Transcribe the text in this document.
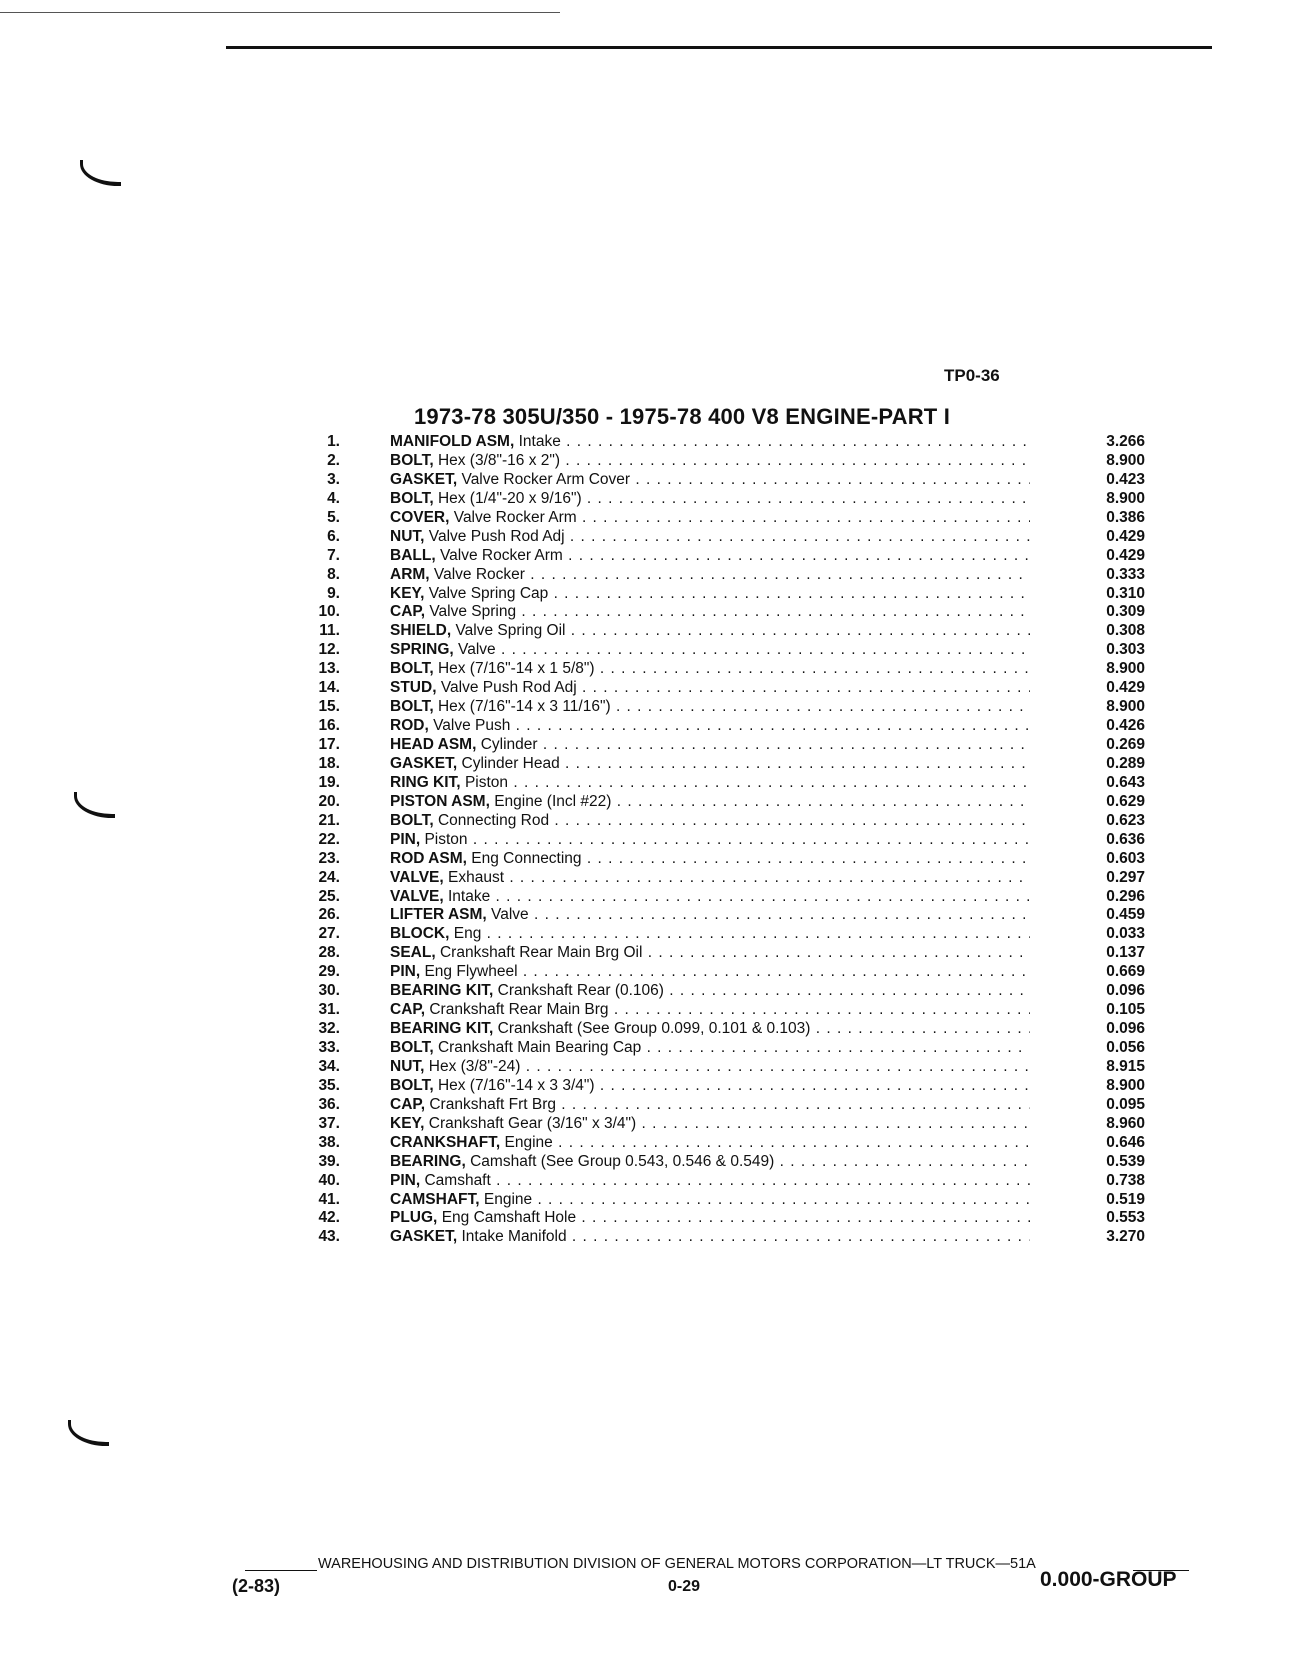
TP0-36
1973-78 305U/350 - 1975-78 400 V8 ENGINE-PART I
1.	MANIFOLD ASM, Intake . . .	3.266
2.	BOLT, Hex (3/8"-16 x 2") . . .	8.900
3.	GASKET, Valve Rocker Arm Cover . . .	0.423
4.	BOLT, Hex (1/4"-20 x 9/16") . . .	8.900
5.	COVER, Valve Rocker Arm . . .	0.386
6.	NUT, Valve Push Rod Adj . . .	0.429
7.	BALL, Valve Rocker Arm . . .	0.429
8.	ARM, Valve Rocker . . .	0.333
9.	KEY, Valve Spring Cap . . .	0.310
10.	CAP, Valve Spring . . .	0.309
11.	SHIELD, Valve Spring Oil . . .	0.308
12.	SPRING, Valve . . .	0.303
13.	BOLT, Hex (7/16"-14 x 1 5/8") . . .	8.900
14.	STUD, Valve Push Rod Adj . . .	0.429
15.	BOLT, Hex (7/16"-14 x 3 11/16") . . .	8.900
16.	ROD, Valve Push . . .	0.426
17.	HEAD ASM, Cylinder . . .	0.269
18.	GASKET, Cylinder Head . . .	0.289
19.	RING KIT, Piston . . .	0.643
20.	PISTON ASM, Engine (Incl #22) . . .	0.629
21.	BOLT, Connecting Rod . . .	0.623
22.	PIN, Piston . . .	0.636
23.	ROD ASM, Eng Connecting . . .	0.603
24.	VALVE, Exhaust . . .	0.297
25.	VALVE, Intake . . .	0.296
26.	LIFTER ASM, Valve . . .	0.459
27.	BLOCK, Eng . . .	0.033
28.	SEAL, Crankshaft Rear Main Brg Oil . . .	0.137
29.	PIN, Eng Flywheel . . .	0.669
30.	BEARING KIT, Crankshaft Rear (0.106) . . .	0.096
31.	CAP, Crankshaft Rear Main Brg . . .	0.105
32.	BEARING KIT, Crankshaft (See Group 0.099, 0.101 & 0.103) . . .	0.096
33.	BOLT, Crankshaft Main Bearing Cap . . .	0.056
34.	NUT, Hex (3/8"-24) . . .	8.915
35.	BOLT, Hex (7/16"-14 x 3 3/4") . . .	8.900
36.	CAP, Crankshaft Frt Brg . . .	0.095
37.	KEY, Crankshaft Gear (3/16" x 3/4") . . .	8.960
38.	CRANKSHAFT, Engine . . .	0.646
39.	BEARING, Camshaft (See Group 0.543, 0.546 & 0.549) . . .	0.539
40.	PIN, Camshaft . . .	0.738
41.	CAMSHAFT, Engine . . .	0.519
42.	PLUG, Eng Camshaft Hole . . .	0.553
43.	GASKET, Intake Manifold . . .	3.270
WAREHOUSING AND DISTRIBUTION DIVISION OF GENERAL MOTORS CORPORATION—LT TRUCK—51A
(2-83)	0-29	0.000-GROUP
